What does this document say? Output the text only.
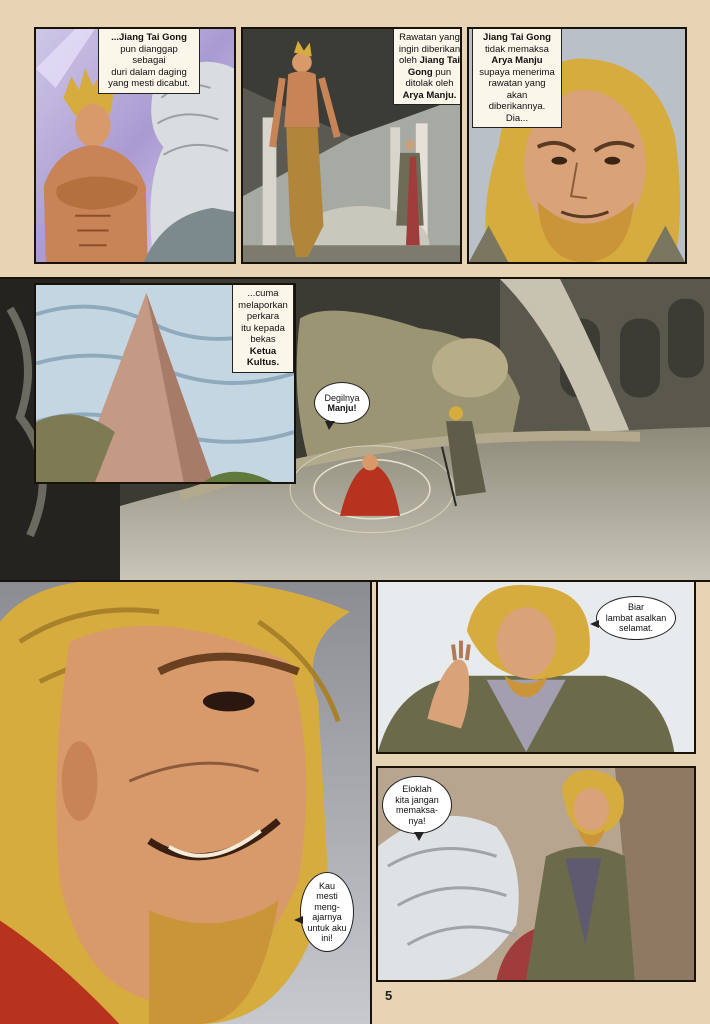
...Jiang Tai Gong
pun dianggap sebagai
duri dalam daging
yang mesti dicabut.
Rawatan yang
ingin diberikan
oleh Jiang Tai
Gong pun
ditolak oleh
Arya Manju.
Jiang Tai Gong
tidak memaksa
Arya Manju
supaya menerima
rawatan yang akan
diberikannya. Dia...
...cuma
melaporkan
perkara
itu kepada
bekas Ketua
Kultus.
Degilnya
Manju!
Kau
mesti
meng-
ajarnya
untuk aku
ini!
Biar
lambat asalkan
selamat.
Eloklah
kita jangan
memaksa-
nya!
5
